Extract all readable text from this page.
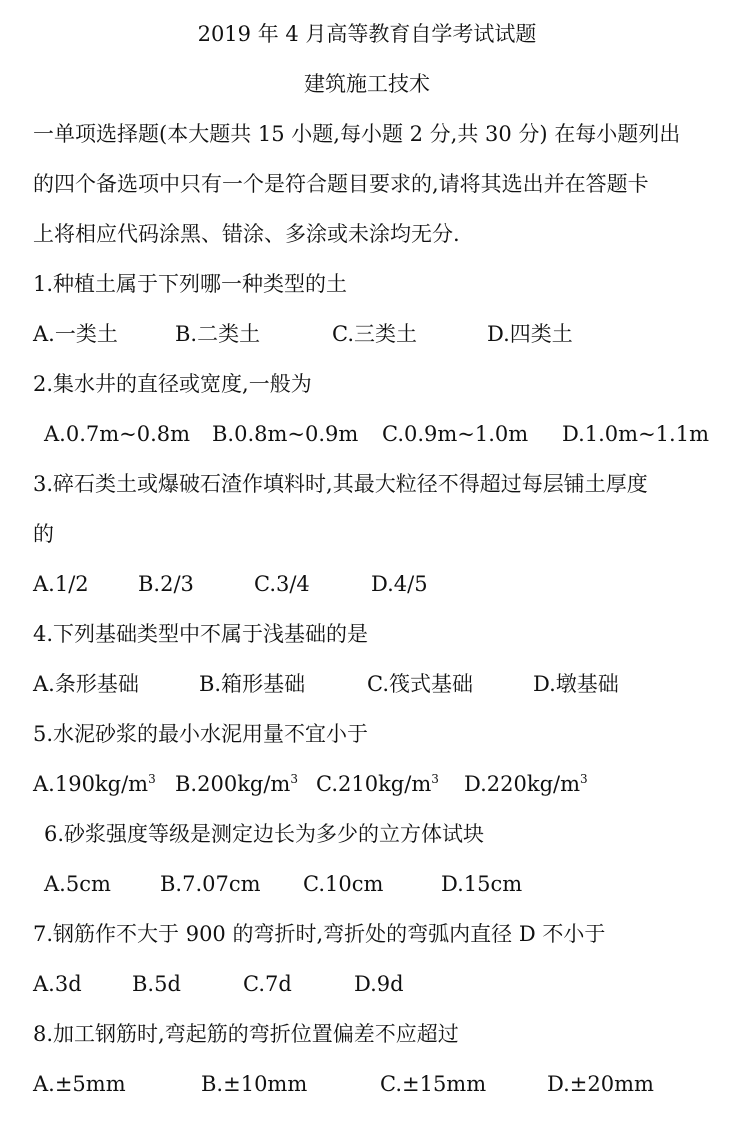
2019 年 4 月高等教育自学考试试题
建筑施工技术
一单项选择题(本大题共 15 小题,每小题 2 分,共 30 分) 在每小题列出
的四个备选项中只有一个是符合题目要求的,请将其选出并在答题卡
上将相应代码涂黑、错涂、多涂或未涂均无分.
1.种植土属于下列哪一种类型的土
A.一类土	B.二类土	C.三类土	D.四类土
2.集水井的直径或宽度,一般为
A.0.7m~0.8m B.0.8m~0.9m C.0.9m~1.0m D.1.0m~1.1m
3.碎石类土或爆破石渣作填料时,其最大粒径不得超过每层铺土厚度
的
A.1/2 B.2/3	C.3/4	D.4/5
4.下列基础类型中不属于浅基础的是
A.条形基础	B.箱形基础	C.筏式基础	D.墩基础
5.水泥砂浆的最小水泥用量不宜小于
$A.190kg/m^3$ $B.200kg/m^3$ $C.210kg/m^3$ $D.220kg/m^3$
6.砂浆强度等级是测定边长为多少的立方体试块
A.5cm B.7.07cm C.10cm	D.15cm
7.钢筋作不大于 900 的弯折时,弯折处的弯弧内直径 D 不小于
A.3d B.5d	C.7d	D.9d
8.加工钢筋时,弯起筋的弯折位置偏差不应超过
A.±5mm	B.±10mm	C.±15mm	D.±20mm
